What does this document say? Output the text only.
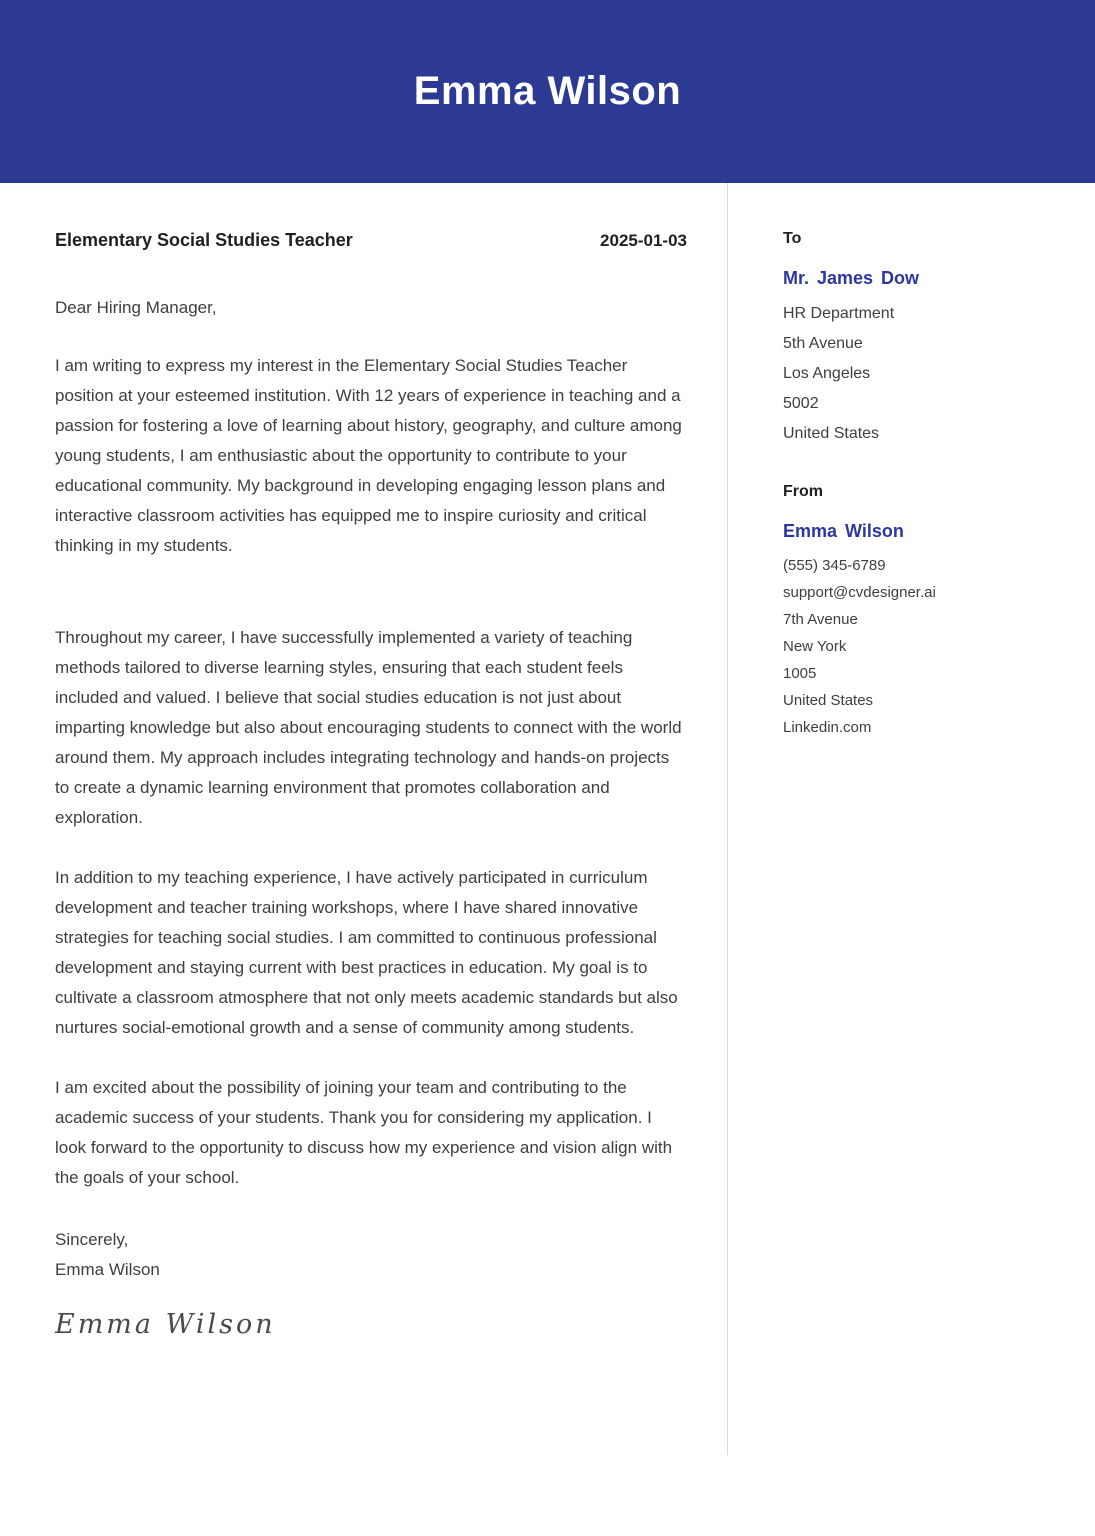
Emma Wilson
Elementary Social Studies Teacher	2025-01-03

Dear Hiring Manager,

I am writing to express my interest in the Elementary Social Studies Teacher position at your esteemed institution. With 12 years of experience in teaching and a passion for fostering a love of learning about history, geography, and culture among young students, I am enthusiastic about the opportunity to contribute to your educational community. My background in developing engaging lesson plans and interactive classroom activities has equipped me to inspire curiosity and critical thinking in my students.

Throughout my career, I have successfully implemented a variety of teaching methods tailored to diverse learning styles, ensuring that each student feels included and valued. I believe that social studies education is not just about imparting knowledge but also about encouraging students to connect with the world around them. My approach includes integrating technology and hands-on projects to create a dynamic learning environment that promotes collaboration and exploration.

In addition to my teaching experience, I have actively participated in curriculum development and teacher training workshops, where I have shared innovative strategies for teaching social studies. I am committed to continuous professional development and staying current with best practices in education. My goal is to cultivate a classroom atmosphere that not only meets academic standards but also nurtures social-emotional growth and a sense of community among students.

I am excited about the possibility of joining your team and contributing to the academic success of your students. Thank you for considering my application. I look forward to the opportunity to discuss how my experience and vision align with the goals of your school.

Sincerely,
Emma Wilson
Emma Wilson
To
Mr. James Dow
HR Department
5th Avenue
Los Angeles
5002
United States
From
Emma Wilson
(555) 345-6789
support@cvdesigner.ai
7th Avenue
New York
1005
United States
Linkedin.com
